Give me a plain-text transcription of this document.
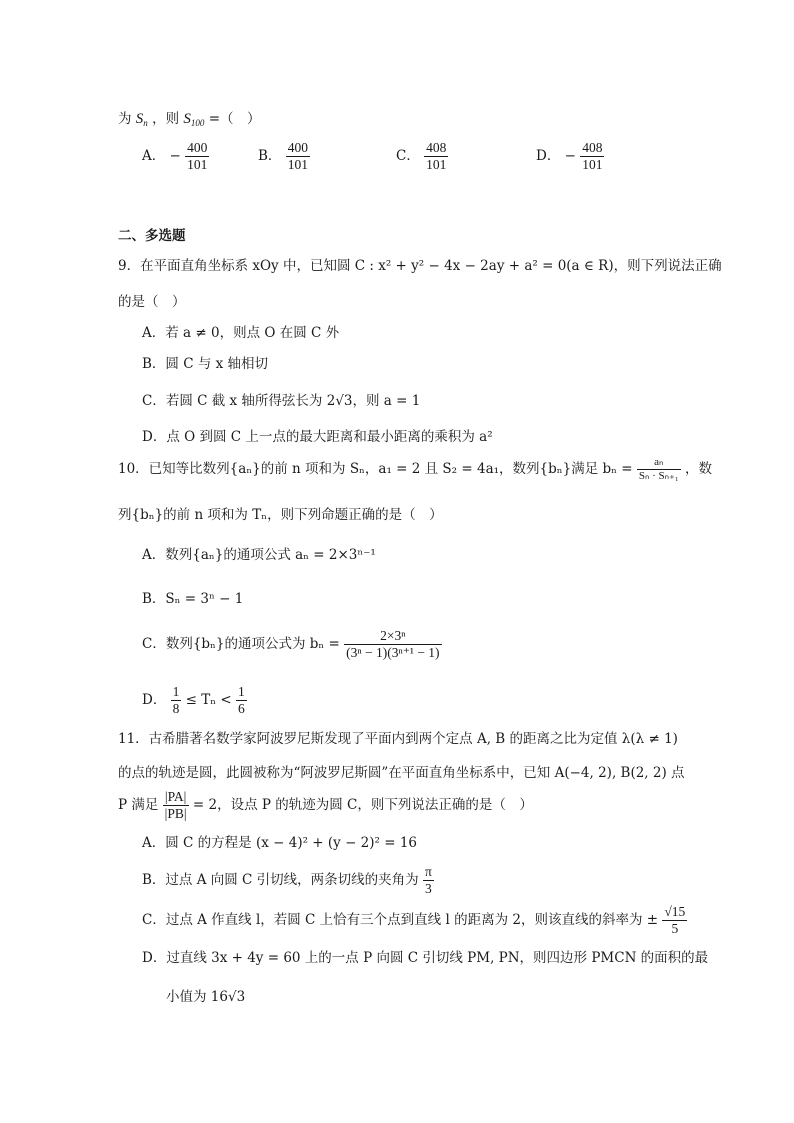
为 $S_n$ ，则 $S_{100}$ =（　）
A． − $\frac{400}{101}$	B． $\frac{400}{101}$	C． $\frac{408}{101}$	D． − $\frac{408}{101}$
二、多选题
9．在平面直角坐标系 xOy 中，已知圆 C : x² + y² − 4x − 2ay + a² = 0(a ∈ R)，则下列说法正确
的是（　）
A．若 a ≠ 0，则点 O 在圆 C 外
B．圆 C 与 x 轴相切
C．若圆 C 截 x 轴所得弦长为 2√3，则 a = 1
D．点 O 到圆 C 上一点的最大距离和最小距离的乘积为 a²
10．已知等比数列{aₙ}的前 n 项和为 Sₙ，a₁ = 2 且 S₂ = 4a₁，数列{bₙ}满足 $b_n = \frac{\text{aₙ}}{\text{Sₙ · Sₙ₊₁}}$ ，数
列{bₙ}的前 n 项和为 Tₙ，则下列命题正确的是（　）
A．数列{aₙ}的通项公式 aₙ = 2×3ⁿ⁻¹
B．Sₙ = 3ⁿ − 1
C．数列{bₙ}的通项公式为 $b_n = \frac{\text{2×3ⁿ}}{\text{(3ⁿ − 1)(3ⁿ⁺¹ − 1)}}$
D． $\frac{1}{8} \le T_n < \frac{1}{6}$
11．古希腊著名数学家阿波罗尼斯发现了平面内到两个定点 A, B 的距离之比为定值 λ(λ ≠ 1)
的点的轨迹是圆，此圆被称为“阿波罗尼斯圆”在平面直角坐标系中，已知 A(−4, 2), B(2, 2) 点
P 满足 $\frac{|PA|}{|PB|} = 2$，设点 P 的轨迹为圆 C，则下列说法正确的是（　）
A．圆 C 的方程是 (x − 4)² + (y − 2)² = 16
B．过点 A 向圆 C 引切线，两条切线的夹角为 $\frac{\pi}{3}$
C．过点 A 作直线 l，若圆 C 上恰有三个点到直线 l 的距离为 2，则该直线的斜率为 ± $\frac{√15}{5}$
D．过直线 3x + 4y = 60 上的一点 P 向圆 C 引切线 PM, PN，则四边形 PMCN 的面积的最
小值为 16√3
